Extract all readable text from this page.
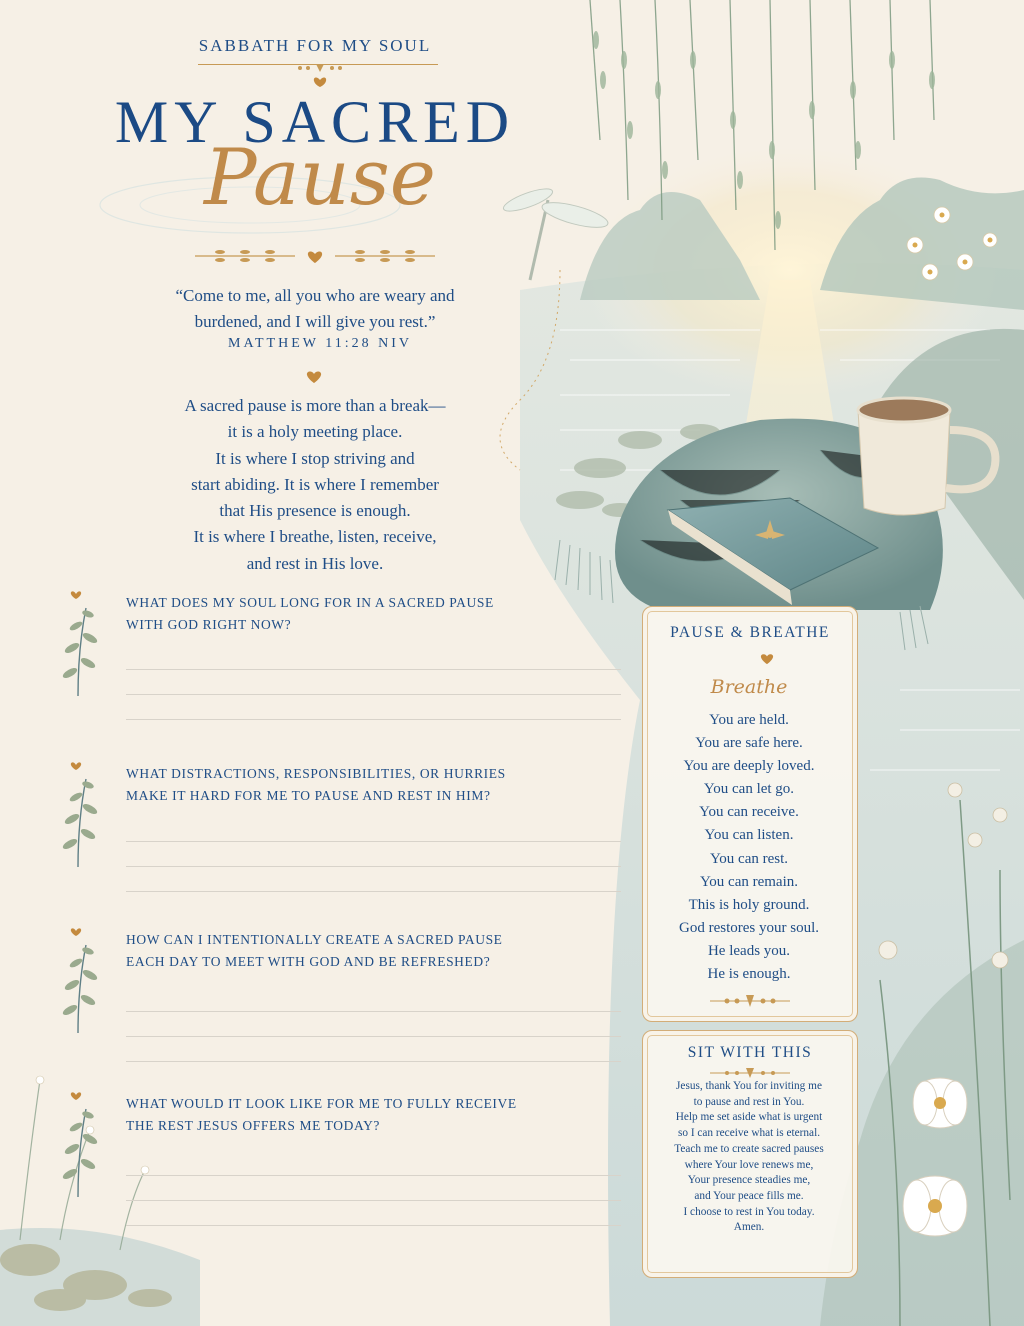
SABBATH FOR MY SOUL
MY SACRED
Pause
“Come to me, all you who are weary and
burdened, and I will give you rest.”
MATTHEW 11:28 NIV

A sacred pause is more than a break—

it is a holy meeting place.

It is where I stop striving and

start abiding. It is where I remember

that His presence is enough.

It is where I breathe, listen, receive,

and rest in His love.

WHAT DOES MY SOUL LONG FOR IN A SACRED PAUSE
WITH GOD RIGHT NOW?
WHAT DISTRACTIONS, RESPONSIBILITIES, OR HURRIES
MAKE IT HARD FOR ME TO PAUSE AND REST IN HIM?
HOW CAN I INTENTIONALLY CREATE A SACRED PAUSE
EACH DAY TO MEET WITH GOD AND BE REFRESHED?
WHAT WOULD IT LOOK LIKE FOR ME TO FULLY RECEIVE
THE REST JESUS OFFERS ME TODAY?
PAUSE & BREATHE
Breathe
You are held.
You are safe here.
You are deeply loved.
You can let go.
You can receive.
You can listen.
You can rest.
You can remain.
This is holy ground.
God restores your soul.
He leads you.
He is enough.
SIT WITH THIS
Jesus, thank You for inviting me
to pause and rest in You.
Help me set aside what is urgent
so I can receive what is eternal.
Teach me to create sacred pauses
where Your love renews me,
Your presence steadies me,
and Your peace fills me.
I choose to rest in You today.
Amen.
